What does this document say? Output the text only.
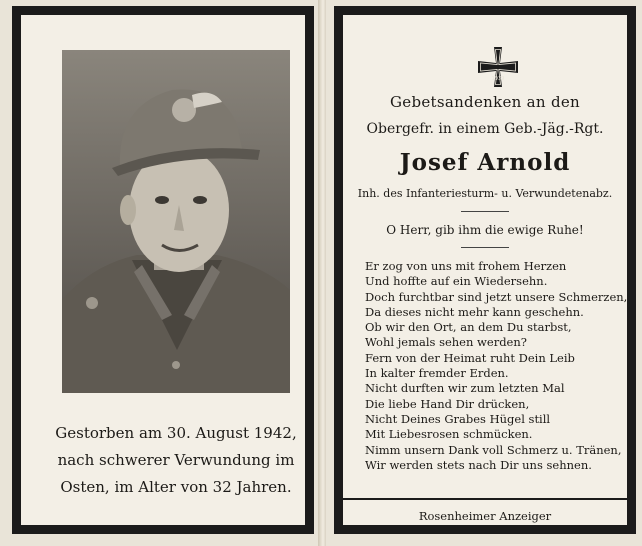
Gestorben am 30. August 1942,
nach schwerer Verwundung im
Osten, im Alter von 32 Jahren.
1939
Gebetsandenken an den
Obergefr. in einem Geb.-Jäg.-Rgt.
Josef Arnold
Inh. des Infanteriesturm- u. Verwundetenabz.
O Herr, gib ihm die ewige Ruhe!
Er zog von uns mit frohem Herzen
Und hoffte auf ein Wiedersehn.
Doch furchtbar sind jetzt unsere Schmerzen,
Da dieses nicht mehr kann geschehn.
Ob wir den Ort, an dem Du starbst,
Wohl jemals sehen werden?
Fern von der Heimat ruht Dein Leib
In kalter fremder Erden.
Nicht durften wir zum letzten Mal
Die liebe Hand Dir drücken,
Nicht Deines Grabes Hügel still
Mit Liebesrosen schmücken.
Nimm unsern Dank voll Schmerz u. Tränen,
Wir werden stets nach Dir uns sehnen.
Rosenheimer Anzeiger
